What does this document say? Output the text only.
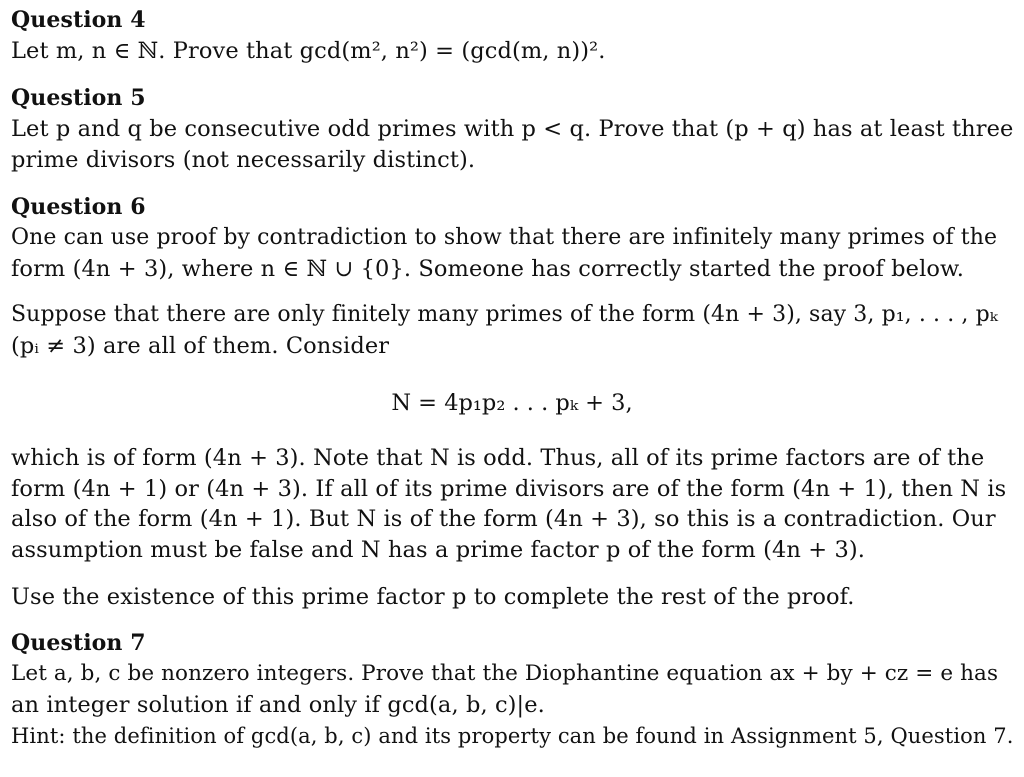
Question 4
Let m, n ∈ ℕ. Prove that gcd(m², n²) = (gcd(m, n))².
Question 5
Let p and q be consecutive odd primes with p < q. Prove that (p + q) has at least three
prime divisors (not necessarily distinct).
Question 6
One can use proof by contradiction to show that there are infinitely many primes of the
form (4n + 3), where n ∈ ℕ ∪ {0}. Someone has correctly started the proof below.
Suppose that there are only finitely many primes of the form (4n + 3), say 3, p₁, . . . , pₖ
(pᵢ ≠ 3) are all of them. Consider
N = 4p₁p₂ . . . pₖ + 3,
which is of form (4n + 3). Note that N is odd. Thus, all of its prime factors are of the
form (4n + 1) or (4n + 3). If all of its prime divisors are of the form (4n + 1), then N is
also of the form (4n + 1). But N is of the form (4n + 3), so this is a contradiction. Our
assumption must be false and N has a prime factor p of the form (4n + 3).
Use the existence of this prime factor p to complete the rest of the proof.
Question 7
Let a, b, c be nonzero integers. Prove that the Diophantine equation ax + by + cz = e has
an integer solution if and only if gcd(a, b, c)|e.
Hint: the definition of gcd(a, b, c) and its property can be found in Assignment 5, Question 7.
